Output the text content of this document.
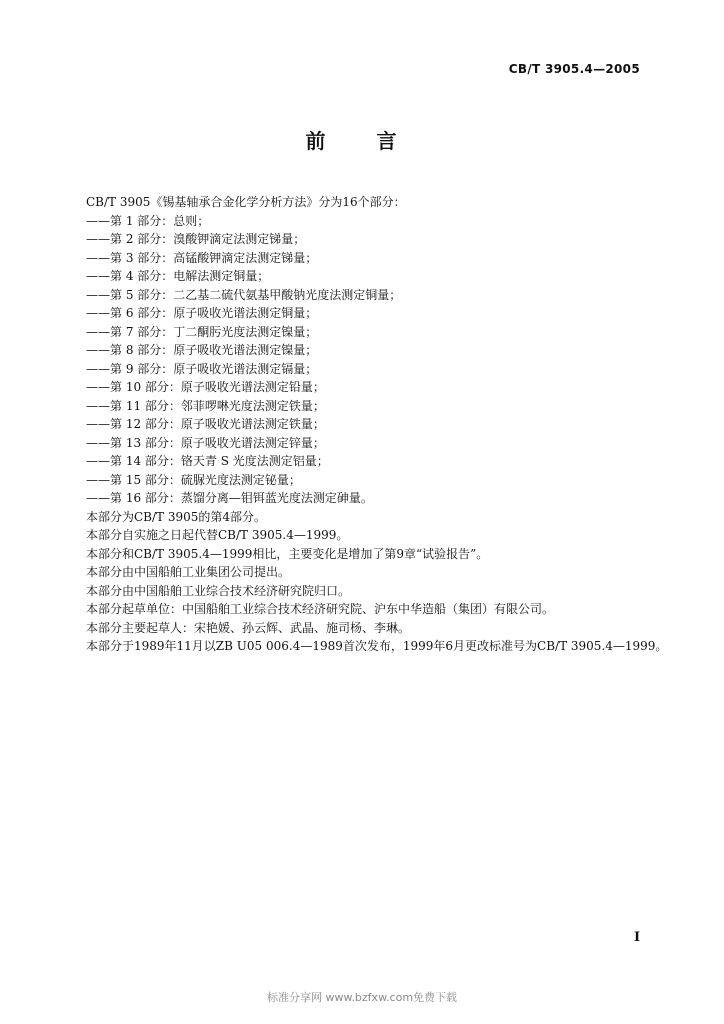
CB/T 3905.4—2005
前 言
CB/T 3905《锡基轴承合金化学分析方法》分为16个部分：
——第 1 部分：总则；
——第 2 部分：溴酸钾滴定法测定锑量；
——第 3 部分：高锰酸钾滴定法测定锑量；
——第 4 部分：电解法测定铜量；
——第 5 部分：二乙基二硫代氨基甲酸钠光度法测定铜量；
——第 6 部分：原子吸收光谱法测定铜量；
——第 7 部分：丁二酮肟光度法测定镍量；
——第 8 部分：原子吸收光谱法测定镍量；
——第 9 部分：原子吸收光谱法测定镉量；
——第 10 部分：原子吸收光谱法测定铅量；
——第 11 部分：邻菲啰啉光度法测定铁量；
——第 12 部分：原子吸收光谱法测定铁量；
——第 13 部分：原子吸收光谱法测定锌量；
——第 14 部分：铬天青 S 光度法测定铝量；
——第 15 部分：硫脲光度法测定铋量；
——第 16 部分：蒸馏分离—钼铒蓝光度法测定砷量。
本部分为CB/T 3905的第4部分。
本部分自实施之日起代替CB/T 3905.4—1999。
本部分和CB/T 3905.4—1999相比，主要变化是增加了第9章“试验报告”。
本部分由中国船舶工业集团公司提出。
本部分由中国船舶工业综合技术经济研究院归口。
本部分起草单位：中国船舶工业综合技术经济研究院、沪东中华造船（集团）有限公司。
本部分主要起草人：宋艳媛、孙云辉、武晶、施司杨、李琳。
本部分于1989年11月以ZB U05 006.4—1989首次发布，1999年6月更改标准号为CB/T 3905.4—1999。
I
标准分享网 www.bzfxw.com免费下载
